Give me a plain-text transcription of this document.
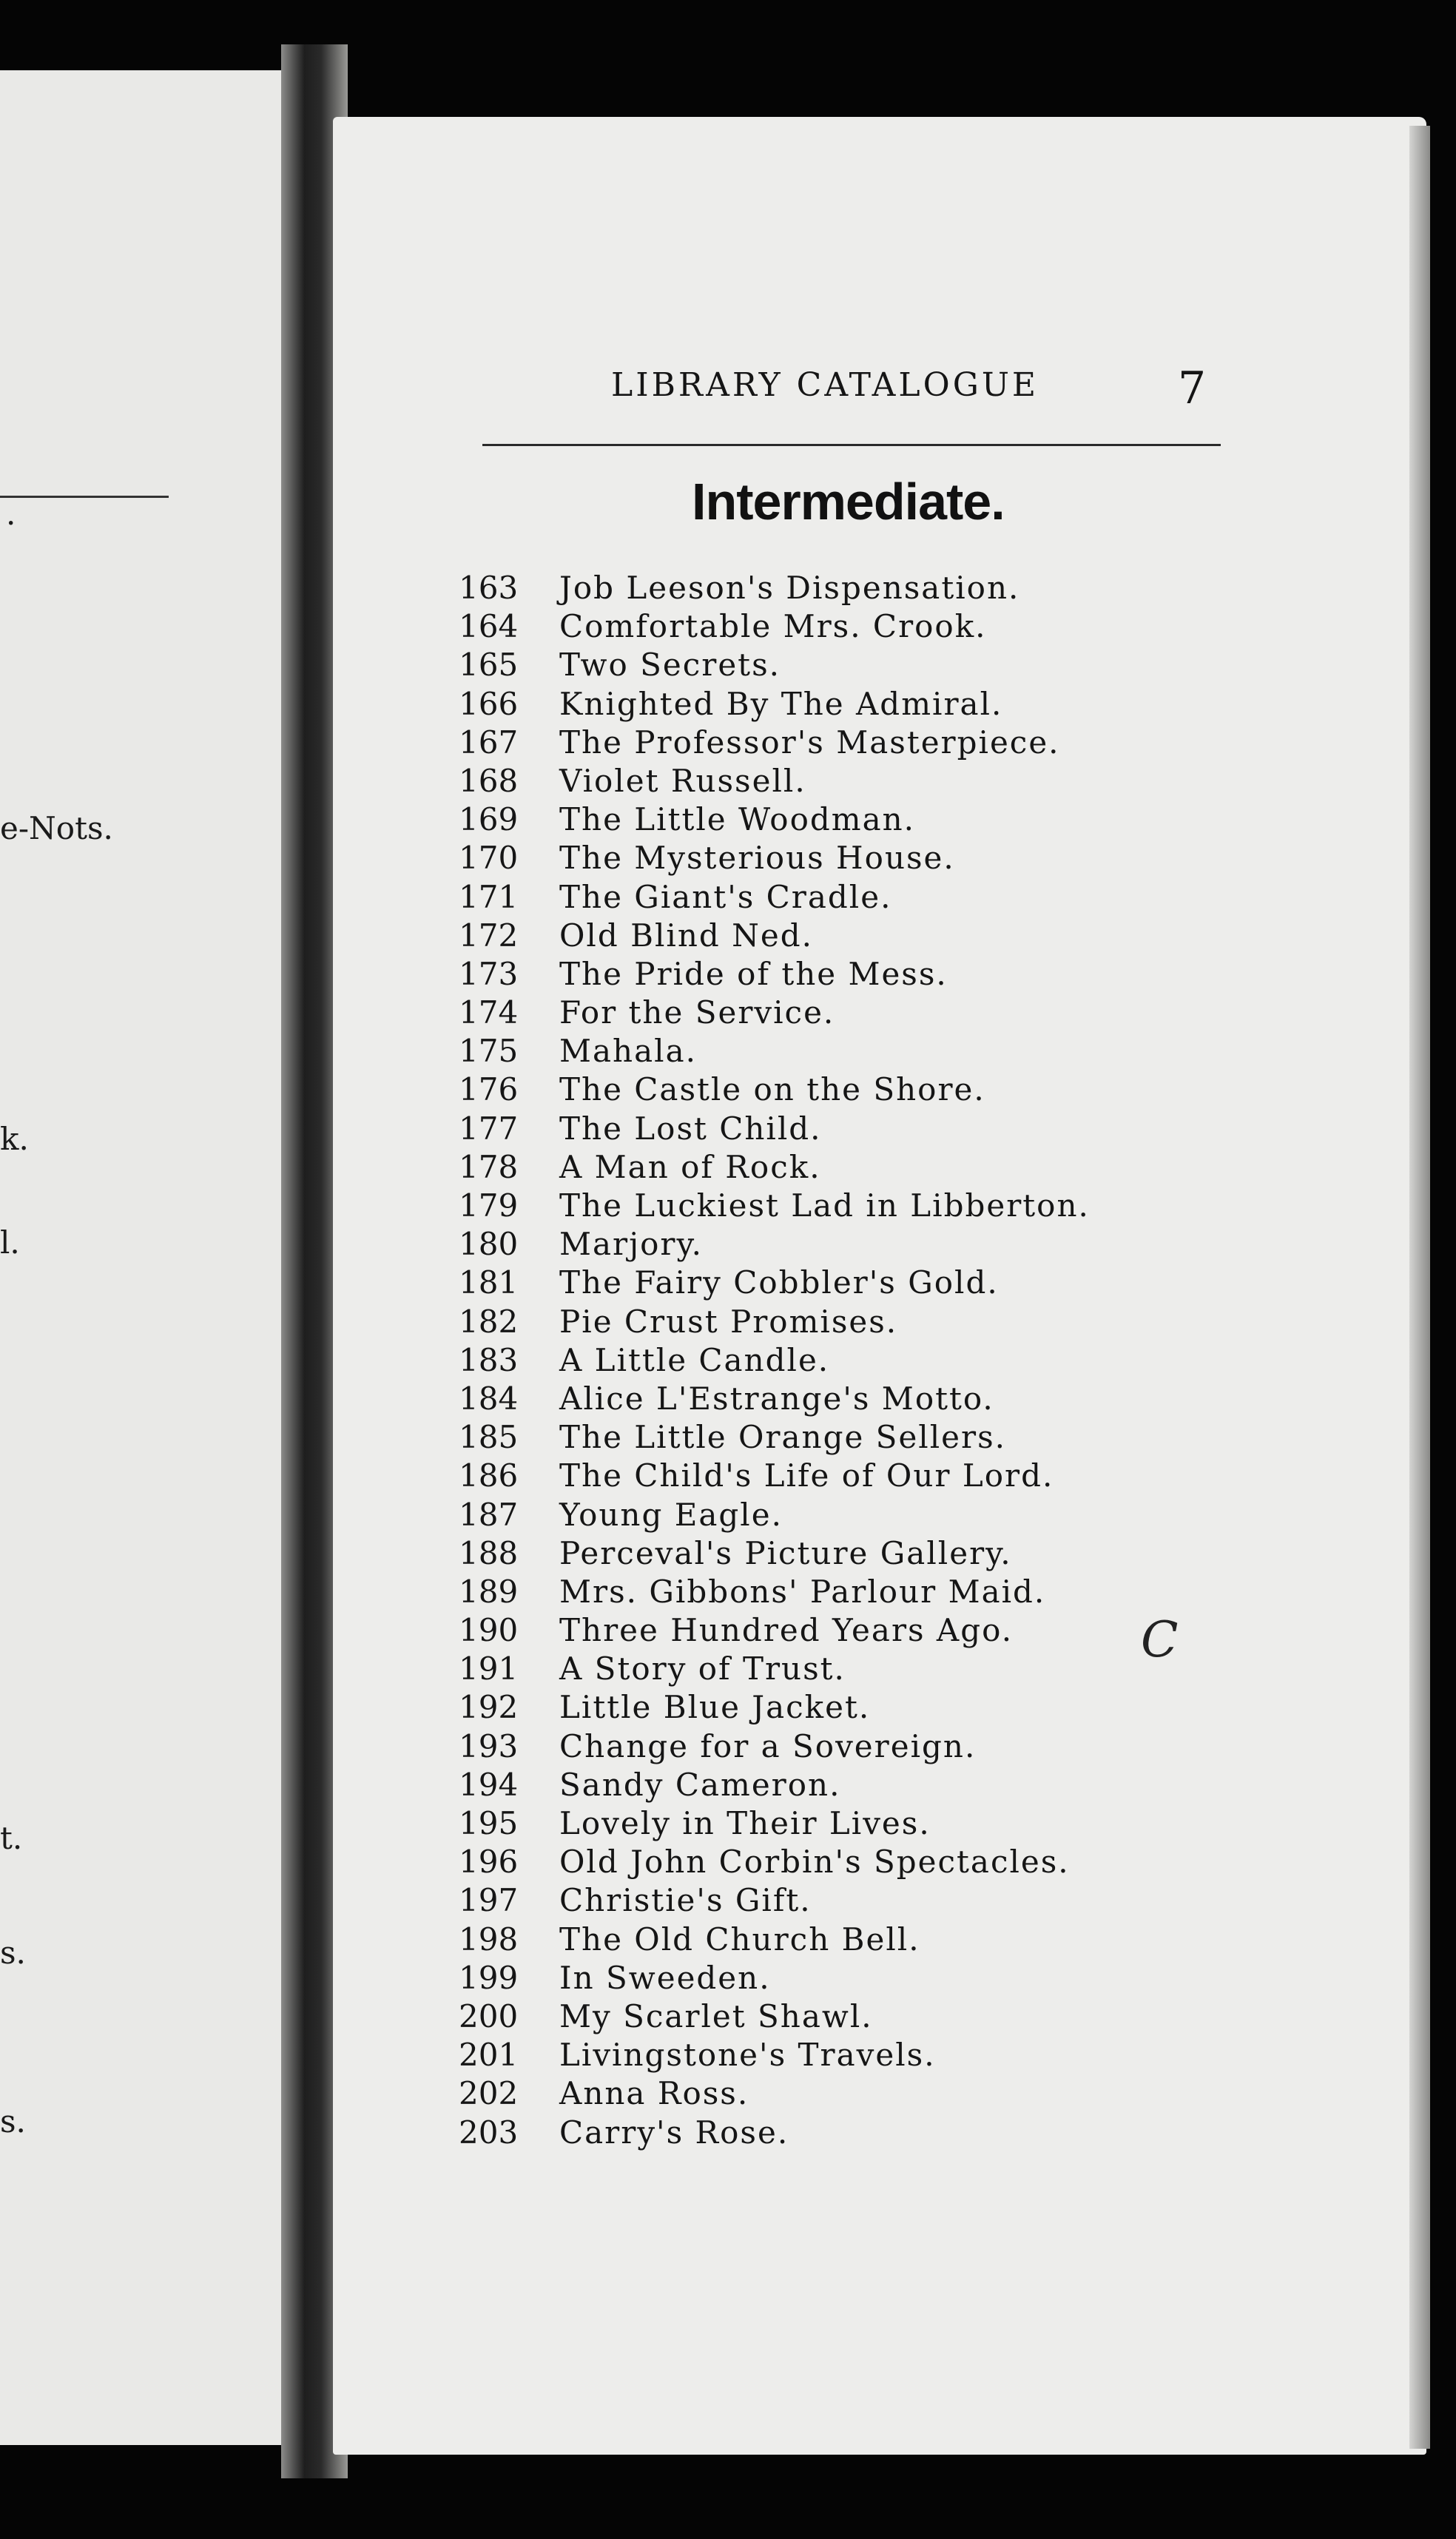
.
e-Nots.
k.
l.
t.
s.
s.
LIBRARY CATALOGUE	7
Intermediate.
163 Job Leeson's Dispensation.
164 Comfortable Mrs. Crook.
165 Two Secrets.
166 Knighted By The Admiral.
167 The Professor's Masterpiece.
168 Violet Russell.
169 The Little Woodman.
170 The Mysterious House.
171 The Giant's Cradle.
172 Old Blind Ned.
173 The Pride of the Mess.
174 For the Service.
175 Mahala.
176 The Castle on the Shore.
177 The Lost Child.
178 A Man of Rock.
179 The Luckiest Lad in Libberton.
180 Marjory.
181 The Fairy Cobbler's Gold.
182 Pie Crust Promises.
183 A Little Candle.
184 Alice L'Estrange's Motto.
185 The Little Orange Sellers.
186 The Child's Life of Our Lord.
187 Young Eagle.
188 Perceval's Picture Gallery.
189 Mrs. Gibbons' Parlour Maid.
190 Three Hundred Years Ago.
191 A Story of Trust.
192 Little Blue Jacket.
193 Change for a Sovereign.
194 Sandy Cameron.
195 Lovely in Their Lives.
196 Old John Corbin's Spectacles.
197 Christie's Gift.
198 The Old Church Bell.
199 In Sweeden.
200 My Scarlet Shawl.
201 Livingstone's Travels.
202 Anna Ross.
203 Carry's Rose.
C
